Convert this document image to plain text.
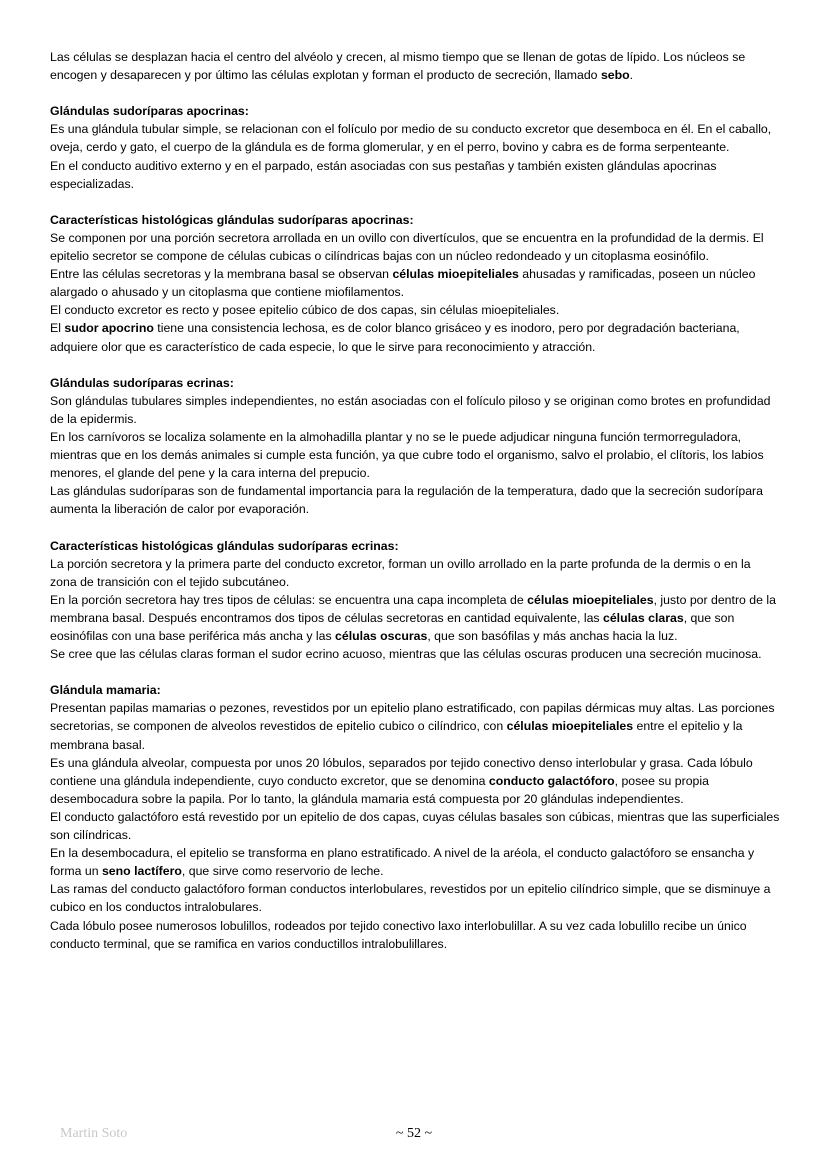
Las células se desplazan hacia el centro del alvéolo y crecen, al mismo tiempo que se llenan de gotas de lípido. Los núcleos se encogen y desaparecen y por último las células explotan y forman el producto de secreción, llamado sebo.

Glándulas sudoríparas apocrinas:

Es una glándula tubular simple, se relacionan con el folículo por medio de su conducto excretor que desemboca en él. En el caballo, oveja, cerdo y gato, el cuerpo de la glándula es de forma glomerular, y en el perro, bovino y cabra es de forma serpenteante.

En el conducto auditivo externo y en el parpado, están asociadas con sus pestañas y también existen glándulas apocrinas especializadas.

Características histológicas glándulas sudoríparas apocrinas:

Se componen por una porción secretora arrollada en un ovillo con divertículos, que se encuentra en la profundidad de la dermis. El epitelio secretor se compone de células cubicas o cilíndricas bajas con un núcleo redondeado y un citoplasma eosinófilo.

Entre las células secretoras y la membrana basal se observan células mioepiteliales ahusadas y ramificadas, poseen un núcleo alargado o ahusado y un citoplasma que contiene miofilamentos.

El conducto excretor es recto y posee epitelio cúbico de dos capas, sin células mioepiteliales.

El sudor apocrino tiene una consistencia lechosa, es de color blanco grisáceo y es inodoro, pero por degradación bacteriana, adquiere olor que es característico de cada especie, lo que le sirve para reconocimiento y atracción.

Glándulas sudoríparas ecrinas:

Son glándulas tubulares simples independientes, no están asociadas con el folículo piloso y se originan como brotes en profundidad de la epidermis.

En los carnívoros se localiza solamente en la almohadilla plantar y no se le puede adjudicar ninguna función termorreguladora, mientras que en los demás animales si cumple esta función, ya que cubre todo el organismo, salvo el prolabio, el clítoris, los labios menores, el glande del pene y la cara interna del prepucio.

Las glándulas sudoríparas son de fundamental importancia para la regulación de la temperatura, dado que la secreción sudorípara aumenta la liberación de calor por evaporación.

Características histológicas glándulas sudoríparas ecrinas:

La porción secretora y la primera parte del conducto excretor, forman un ovillo arrollado en la parte profunda de la dermis o en la zona de transición con el tejido subcutáneo.

En la porción secretora hay tres tipos de células: se encuentra una capa incompleta de células mioepiteliales, justo por dentro de la membrana basal. Después encontramos dos tipos de células secretoras en cantidad equivalente, las células claras, que son eosinófilas con una base periférica más ancha y las células oscuras, que son basófilas y más anchas hacia la luz.

Se cree que las células claras forman el sudor ecrino acuoso, mientras que las células oscuras producen una secreción mucinosa.

Glándula mamaria:

Presentan papilas mamarias o pezones, revestidos por un epitelio plano estratificado, con papilas dérmicas muy altas. Las porciones secretorias, se componen de alveolos revestidos de epitelio cubico o cilíndrico, con células mioepiteliales entre el epitelio y la membrana basal.

Es una glándula alveolar, compuesta por unos 20 lóbulos, separados por tejido conectivo denso interlobular y grasa. Cada lóbulo contiene una glándula independiente, cuyo conducto excretor, que se denomina conducto galactóforo, posee su propia desembocadura sobre la papila. Por lo tanto, la glándula mamaria está compuesta por 20 glándulas independientes.

El conducto galactóforo está revestido por un epitelio de dos capas, cuyas células basales son cúbicas, mientras que las superficiales son cilíndricas.

En la desembocadura, el epitelio se transforma en plano estratificado. A nivel de la aréola, el conducto galactóforo se ensancha y forma un seno lactífero, que sirve como reservorio de leche.

Las ramas del conducto galactóforo forman conductos interlobulares, revestidos por un epitelio cilíndrico simple, que se disminuye a cubico en los conductos intralobulares.

Cada lóbulo posee numerosos lobulillos, rodeados por tejido conectivo laxo interlobulillar. A su vez cada lobulillo recibe un único conducto terminal, que se ramifica en varios conductillos intralobulillares.

Martin Soto	~ 52 ~
